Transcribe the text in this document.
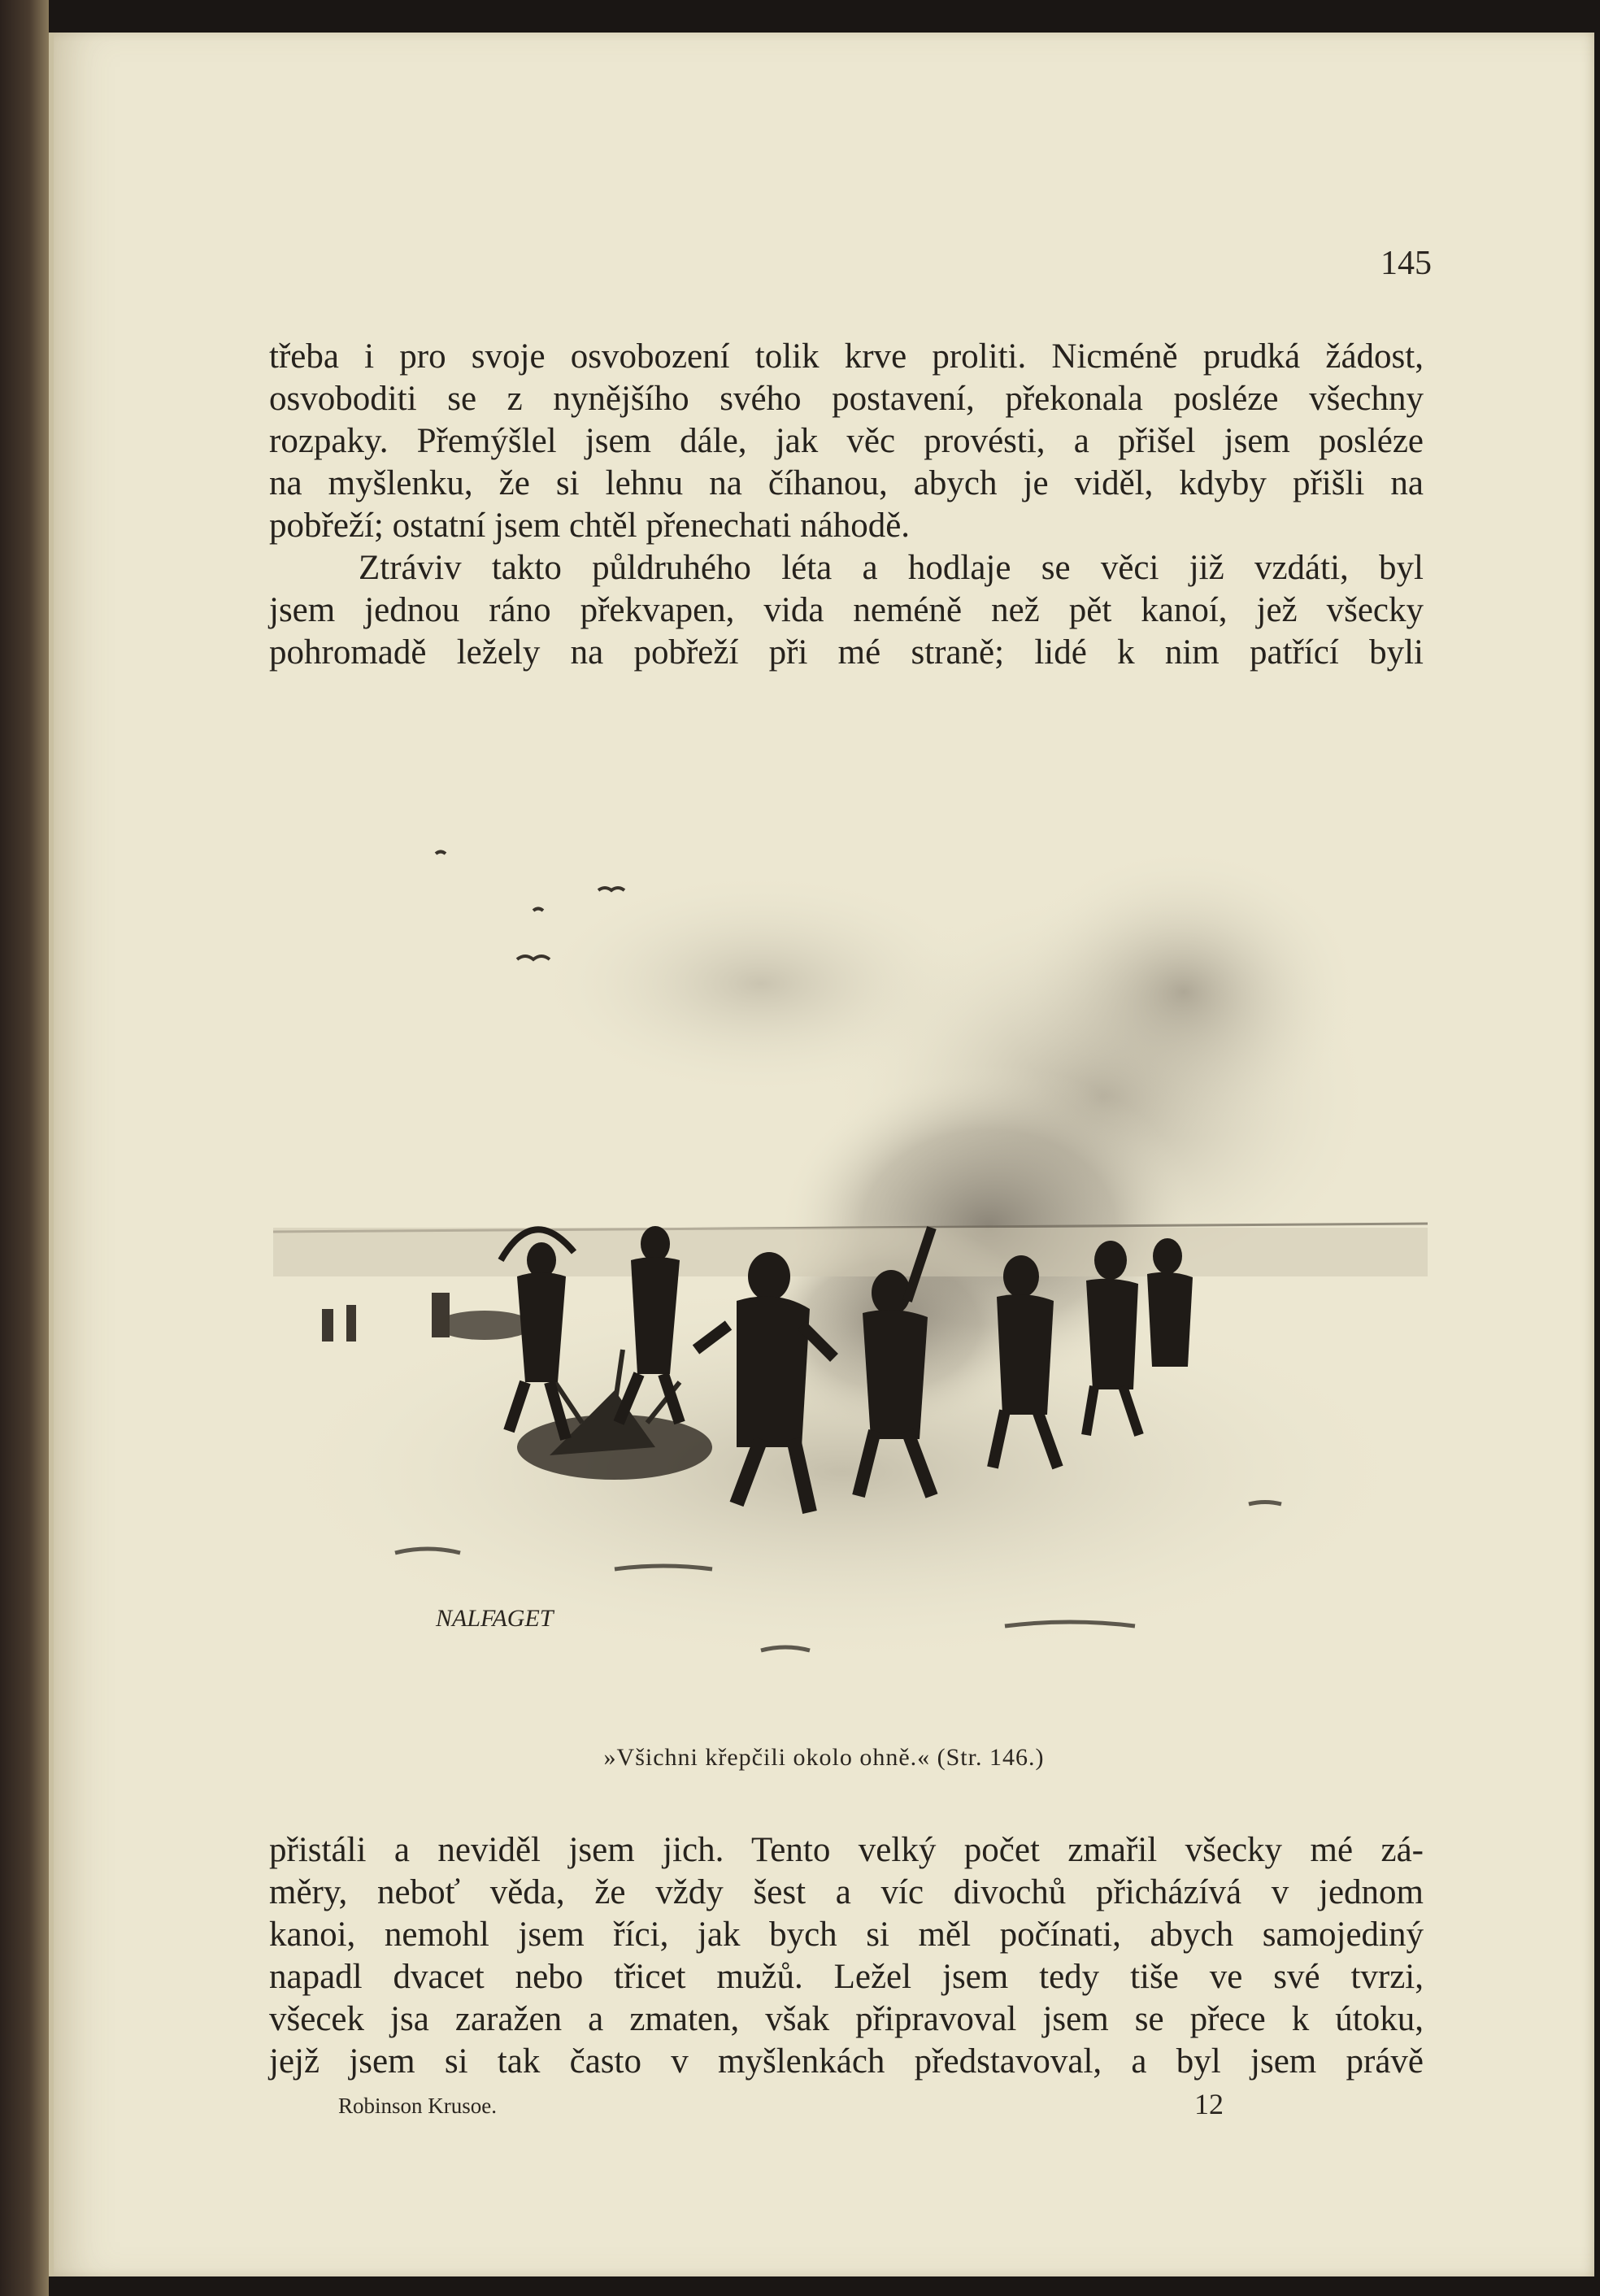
145

třeba i pro svoje osvobození tolik krve proliti. Nicméně prudká žádost,
osvoboditi se z nynějšího svého postavení, překonala posléze všechny
rozpaky. Přemýšlel jsem dále, jak věc provésti, a přišel jsem posléze
na myšlenku, že si lehnu na číhanou, abych je viděl, kdyby přišli na
pobřeží; ostatní jsem chtěl přenechati náhodě.

Ztráviv takto půldruhého léta a hodlaje se věci již vzdáti, byl
jsem jednou ráno překvapen, vida neméně než pět kanoí, jež všecky
pohromadě ležely na pobřeží při mé straně; lidé k nim patřící byli

NALFAGET
»Všichni křepčili okolo ohně.« (Str. 146.)

přistáli a neviděl jsem jich. Tento velký počet zmařil všecky mé zá-
měry, neboť věda, že vždy šest a víc divochů přicházívá v jednom
kanoi, nemohl jsem říci, jak bych si měl počínati, abych samojediný
napadl dvacet nebo třicet mužů. Ležel jsem tedy tiše ve své tvrzi,
všecek jsa zaražen a zmaten, však připravoval jsem se přece k útoku,
jejž jsem si tak často v myšlenkách představoval, a byl jsem právě

Robinson Krusoe.	12
